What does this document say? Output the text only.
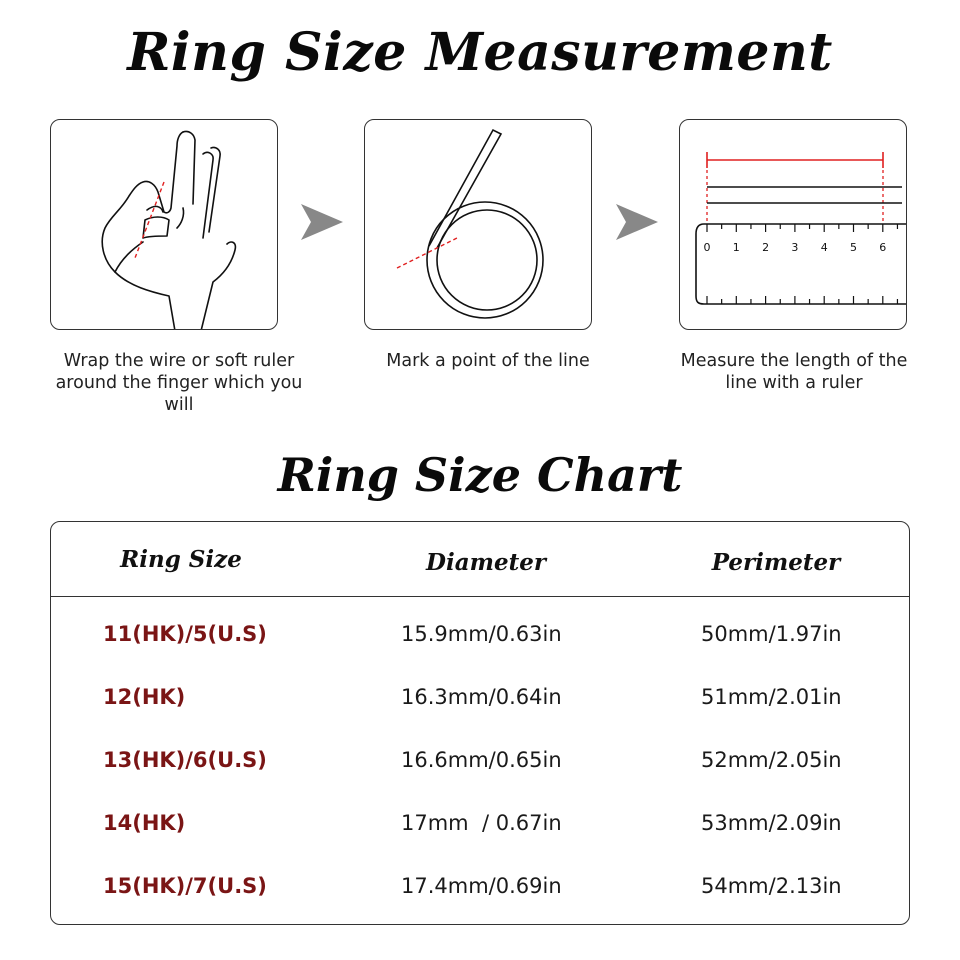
Ring Size Measurement
0 1 2 3 4 5 6
Wrap the wire or soft ruler around the finger which you will
Mark a point of the line	Measure the length of the line with a ruler
Ring Size Chart
Ring Size	Diameter	Perimeter
11(HK)/5(U.S)	15.9mm/0.63in	50mm/1.97in
12(HK)	16.3mm/0.64in	51mm/2.01in
13(HK)/6(U.S)	16.6mm/0.65in	52mm/2.05in
14(HK)	17mm  / 0.67in	53mm/2.09in
15(HK)/7(U.S)	17.4mm/0.69in	54mm/2.13in
